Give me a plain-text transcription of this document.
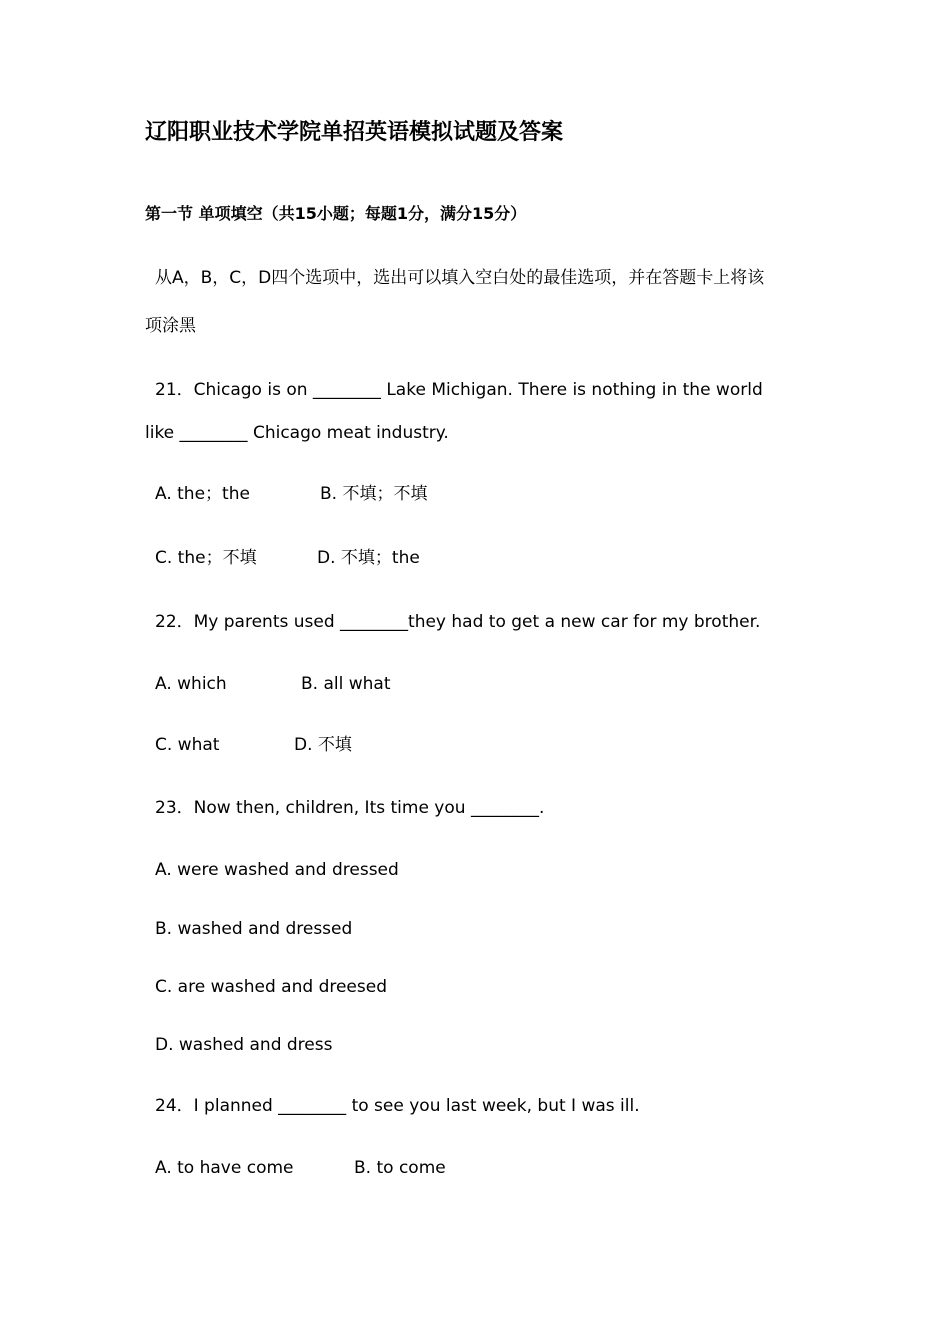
辽阳职业技术学院单招英语模拟试题及答案
第一节 单项填空（共15小题；每题1分，满分15分）
从A，B，C，D四个选项中，选出可以填入空白处的最佳选项，并在答题卡上将该
项涂黑
21．Chicago is on ________ Lake Michigan. There is nothing in the world
like ________ Chicago meat industry.
A. the；the	B. 不填；不填
C. the；不填	D. 不填；the
22．My parents used ________they had to get a new car for my brother.
A. which	B. all what
C. what	D. 不填
23．Now then, children, Its time you ________.
A. were washed and dressed
B. washed and dressed
C. are washed and dreesed
D. washed and dress
24．I planned ________ to see you last week, but I was ill.
A. to have come	B. to come
